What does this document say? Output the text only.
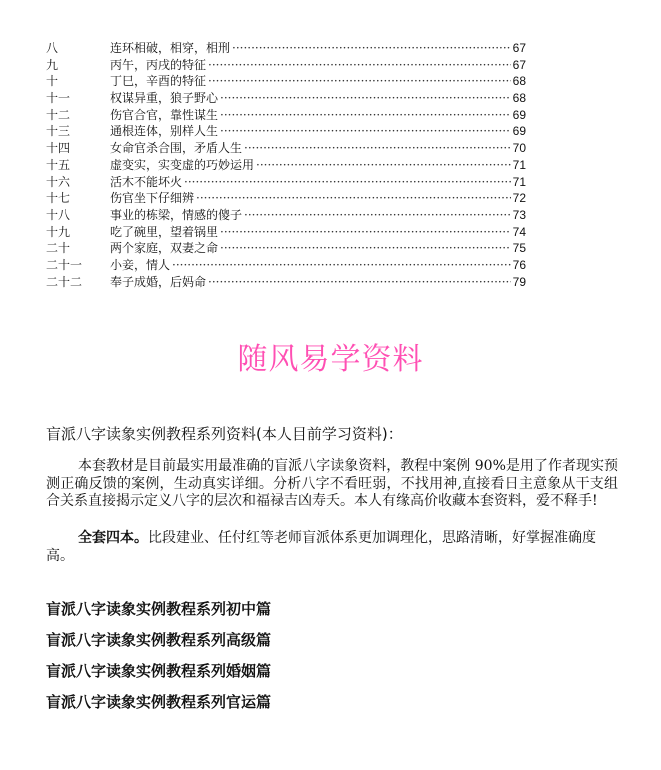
八	连环相破，相穿，相刑 ·····	67
九	丙午，丙戌的特征 ·····	67
十	丁巳，辛酉的特征 ·····	68
十一	权谋异重，狼子野心 ·····	68
十二	伤官合官，靠性谋生 ·····	69
十三	通根连体，别样人生 ·····	69
十四	女命官杀合围，矛盾人生 ·····	70
十五	虚变实，实变虚的巧妙运用 ·····	71
十六	活木不能坏火 ·····	71
十七	伤官坐下仔细辨 ·····	72
十八	事业的栋梁，情感的傻子 ·····	73
十九	吃了碗里，望着锅里 ·····	74
二十	两个家庭，双妻之命 ·····	75
二十一	小妾，情人 ·····	76
二十二	奉子成婚，后妈命 ·····	79
随风易学资料
盲派八字读象实例教程系列资料(本人目前学习资料)：
本套教材是目前最实用最准确的盲派八字读象资料，教程中案例 90%是用了作者现实预测正确反馈的案例，生动真实详细。分析八字不看旺弱，不找用神,直接看日主意象从干支组合关系直接揭示定义八字的层次和福禄吉凶寿夭。本人有缘高价收藏本套资料，爱不释手!
全套四本。比段建业、任付红等老师盲派体系更加调理化，思路清晰，好掌握准确度高。
盲派八字读象实例教程系列初中篇
盲派八字读象实例教程系列高级篇
盲派八字读象实例教程系列婚姻篇
盲派八字读象实例教程系列官运篇
